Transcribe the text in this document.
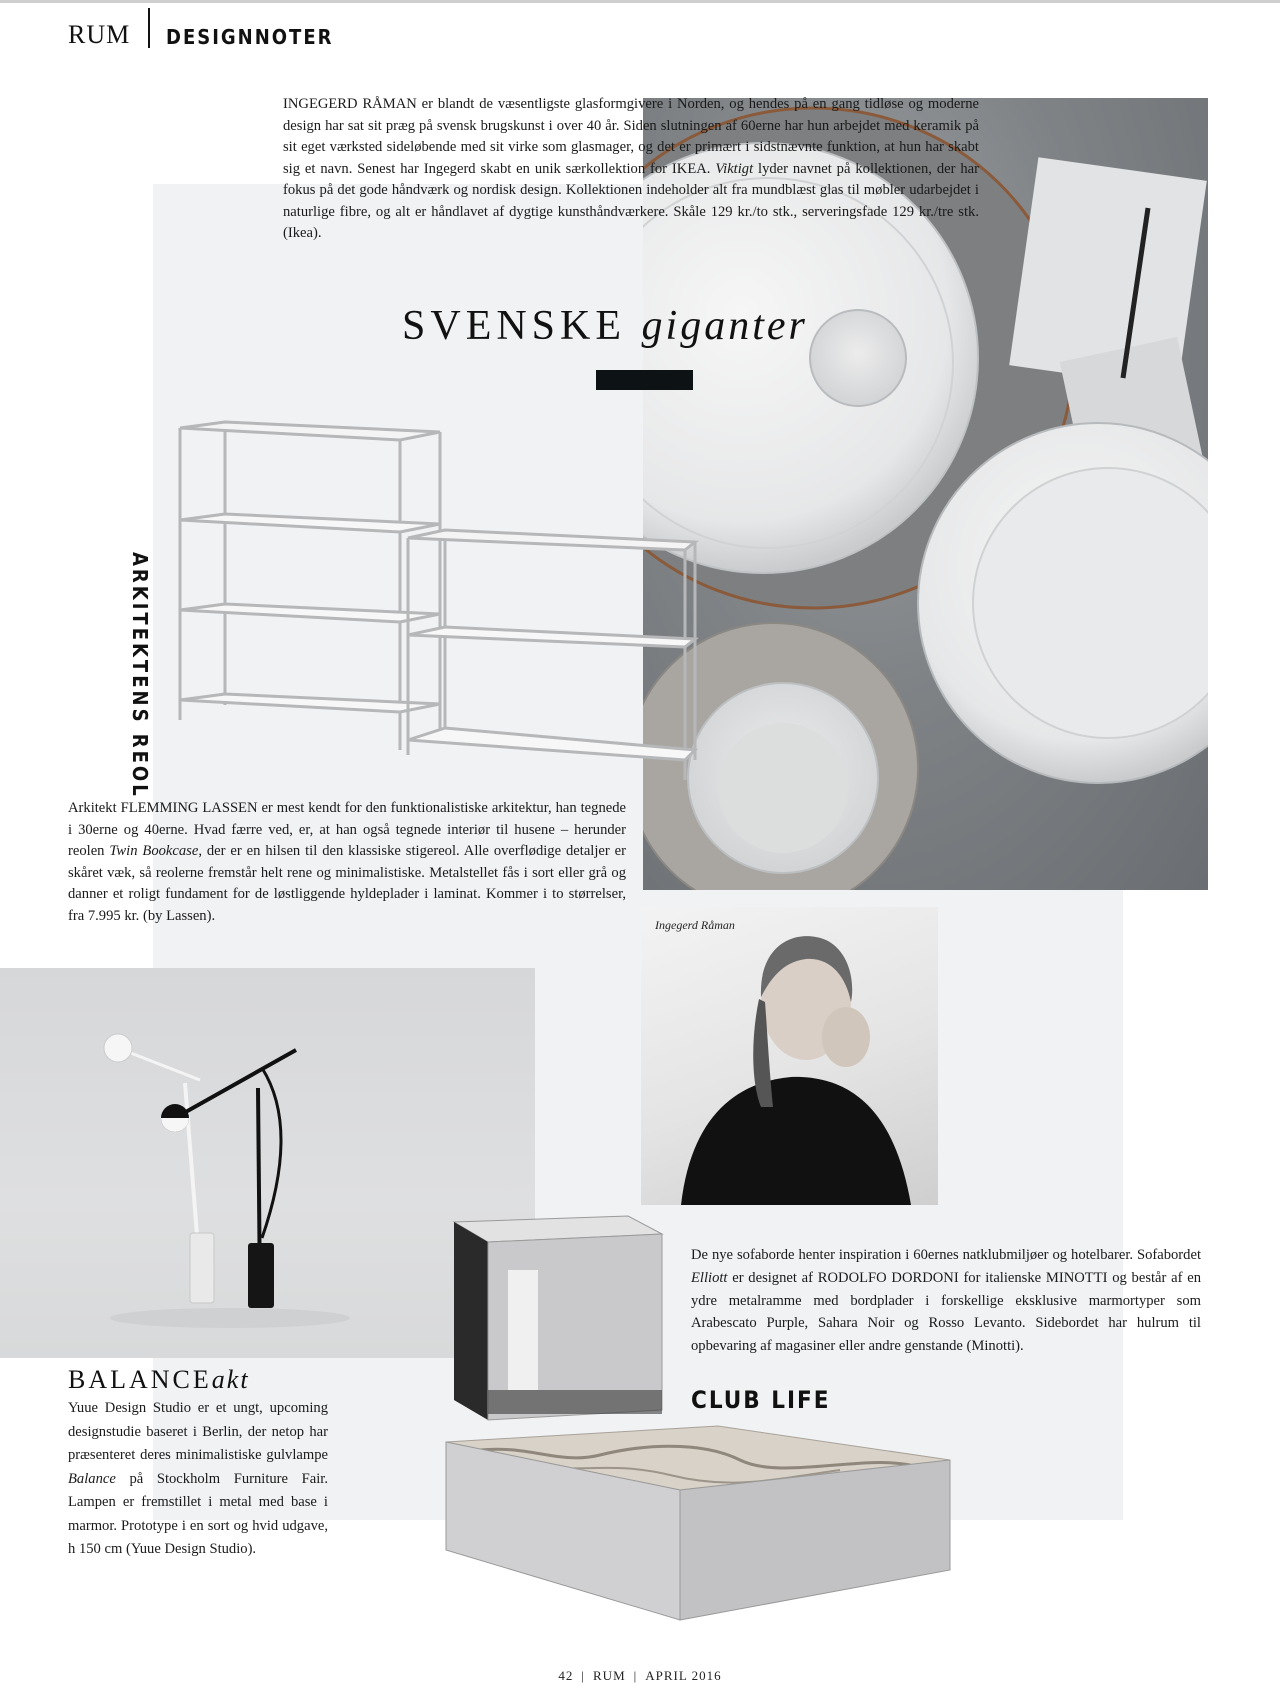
RUM DESIGNNOTER
INGEGERD RÅMAN er blandt de væsentligste glasformgivere i Norden, og hendes på en gang tidløse og moderne design har sat sit præg på svensk brugskunst i over 40 år. Siden slutningen af 60erne har hun arbejdet med keramik på sit eget værksted sideløbende med sit virke som glasmager, og det er primært i sidstnævnte funktion, at hun har skabt sig et navn. Senest har Ingegerd skabt en unik særkollektion for IKEA. Viktigt lyder navnet på kollektionen, der har fokus på det gode håndværk og nordisk design. Kollektionen indeholder alt fra mundblæst glas til møbler udarbejdet i naturlige fibre, og alt er håndlavet af dygtige kunsthåndværkere. Skåle 129 kr./to stk., serveringsfade 129 kr./tre stk. (Ikea).
SVENSKE giganter
ARKITEKTENS REOL
Arkitekt FLEMMING LASSEN er mest kendt for den funktionalistiske arkitektur, han tegnede i 30erne og 40erne. Hvad færre ved, er, at han også tegnede interiør til husene – herunder reolen Twin Bookcase, der er en hilsen til den klassiske stigereol. Alle overflødige detaljer er skåret væk, så reolerne fremstår helt rene og minimalistiske. Metalstellet fås i sort eller grå og danner et roligt fundament for de løstliggende hyldeplader i laminat. Kommer i to størrelser, fra 7.995 kr. (by Lassen).
Ingegerd Råman
BALANCEakt
Yuue Design Studio er et ungt, upcoming designstudie baseret i Berlin, der netop har præsenteret deres minimalistiske gulvlampe Balance på Stockholm Furniture Fair. Lampen er fremstillet i metal med base i marmor. Prototype i en sort og hvid udgave, h 150 cm (Yuue Design Studio).
De nye sofaborde henter inspiration i 60ernes natklubmiljøer og hotelbarer. Sofabordet Elliott er designet af RODOLFO DORDONI for italienske MINOTTI og består af en ydre metalramme med bordplader i forskellige eksklusive marmortyper som Arabescato Purple, Sahara Noir og Rosso Levanto. Sidebordet har hulrum til opbevaring af magasiner eller andre genstande (Minotti).
CLUB LIFE
42 | RUM | APRIL 2016
